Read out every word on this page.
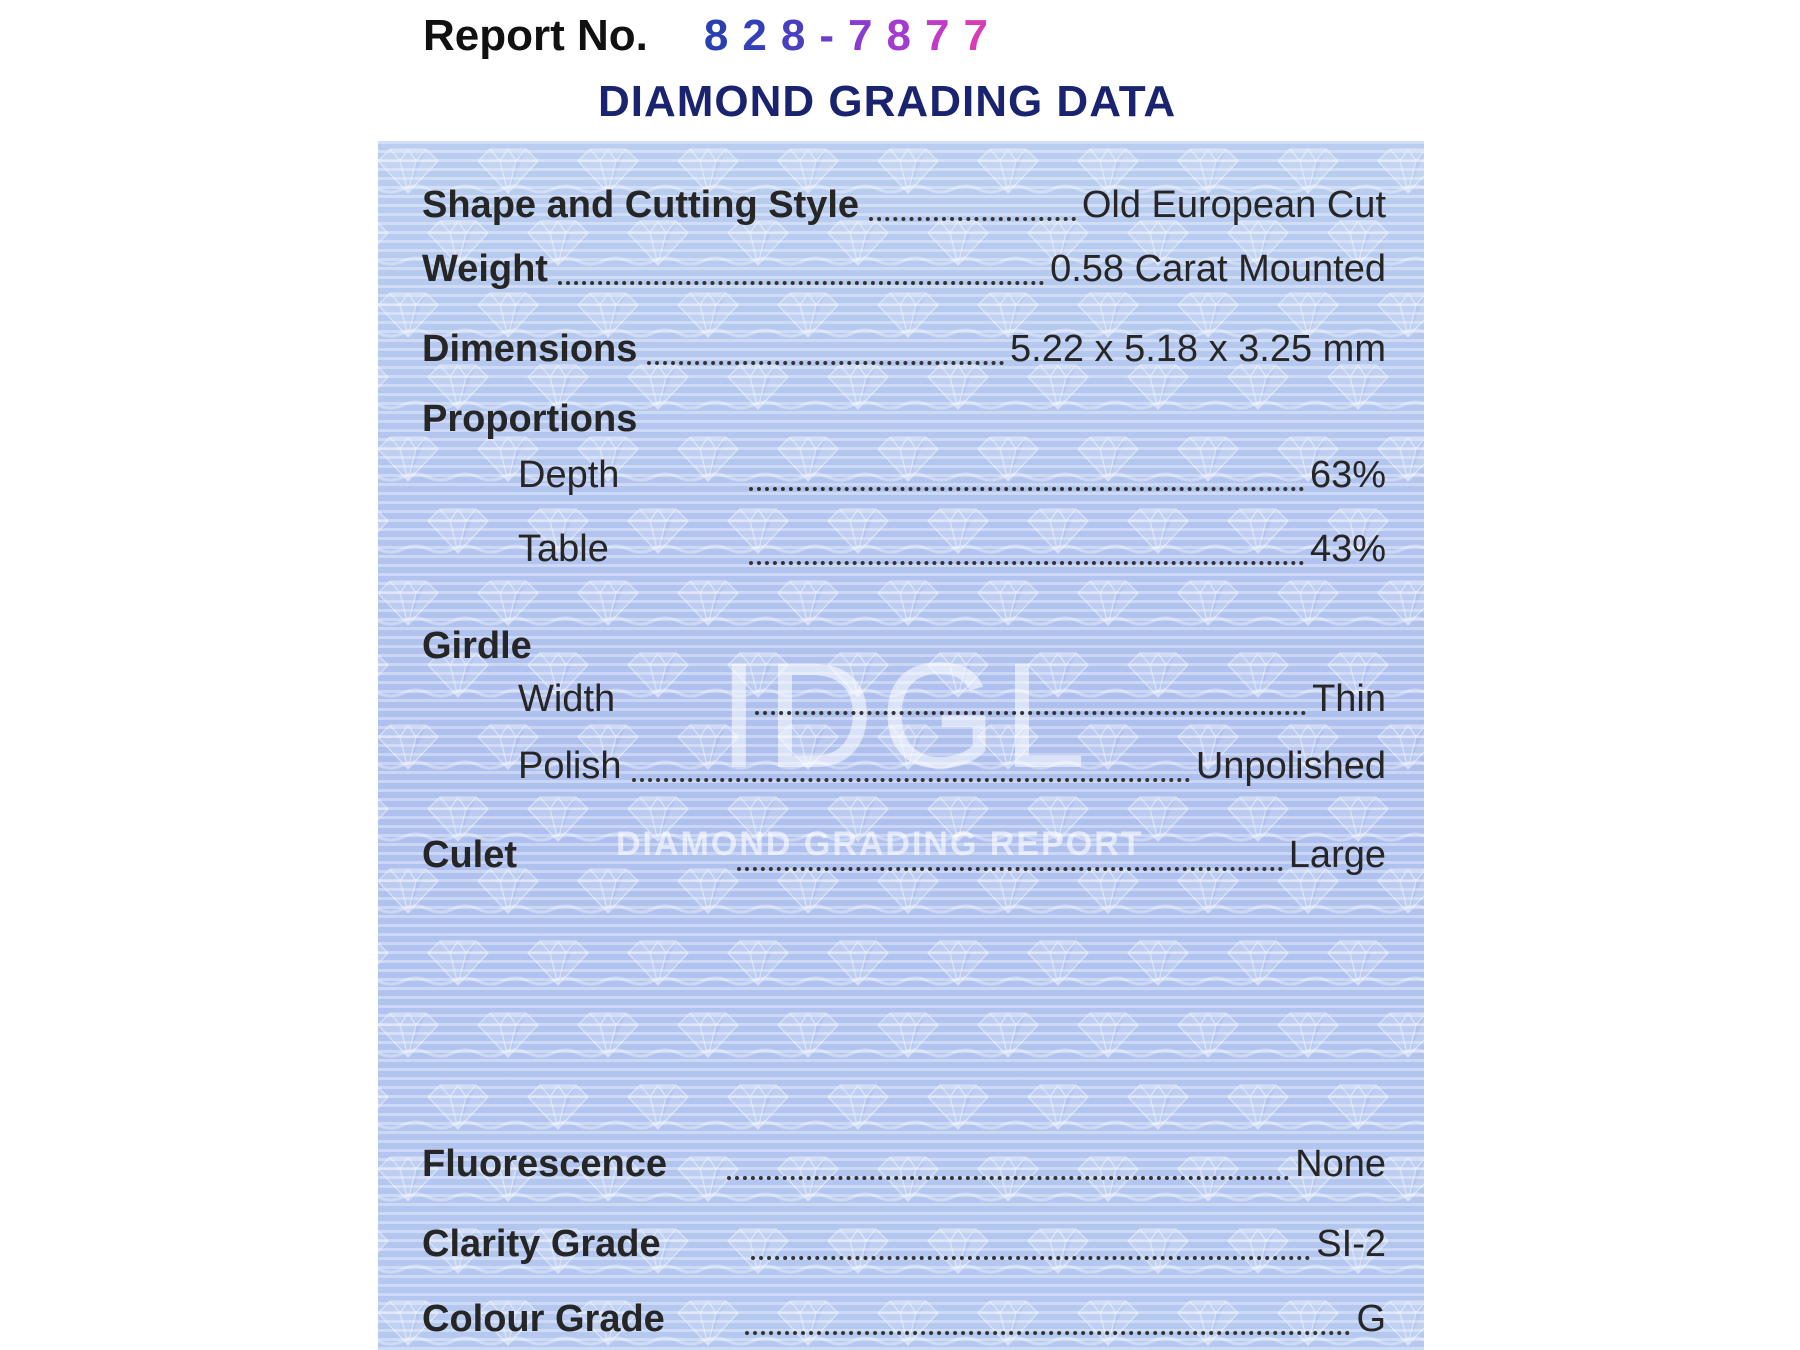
Report No. 8 2 8 - 7 8 7 7
DIAMOND GRADING DATA
IDGL
DIAMOND GRADING REPORT
Shape and Cutting Style	Old European Cut
Weight	0.58 Carat Mounted
Dimensions	5.22 x 5.18 x 3.25 mm
Proportions
Depth	63%
Table	43%
Girdle
Width	Thin
Polish	Unpolished
Culet	Large
Fluorescence	None
Clarity Grade	SI-2
Colour Grade	G
